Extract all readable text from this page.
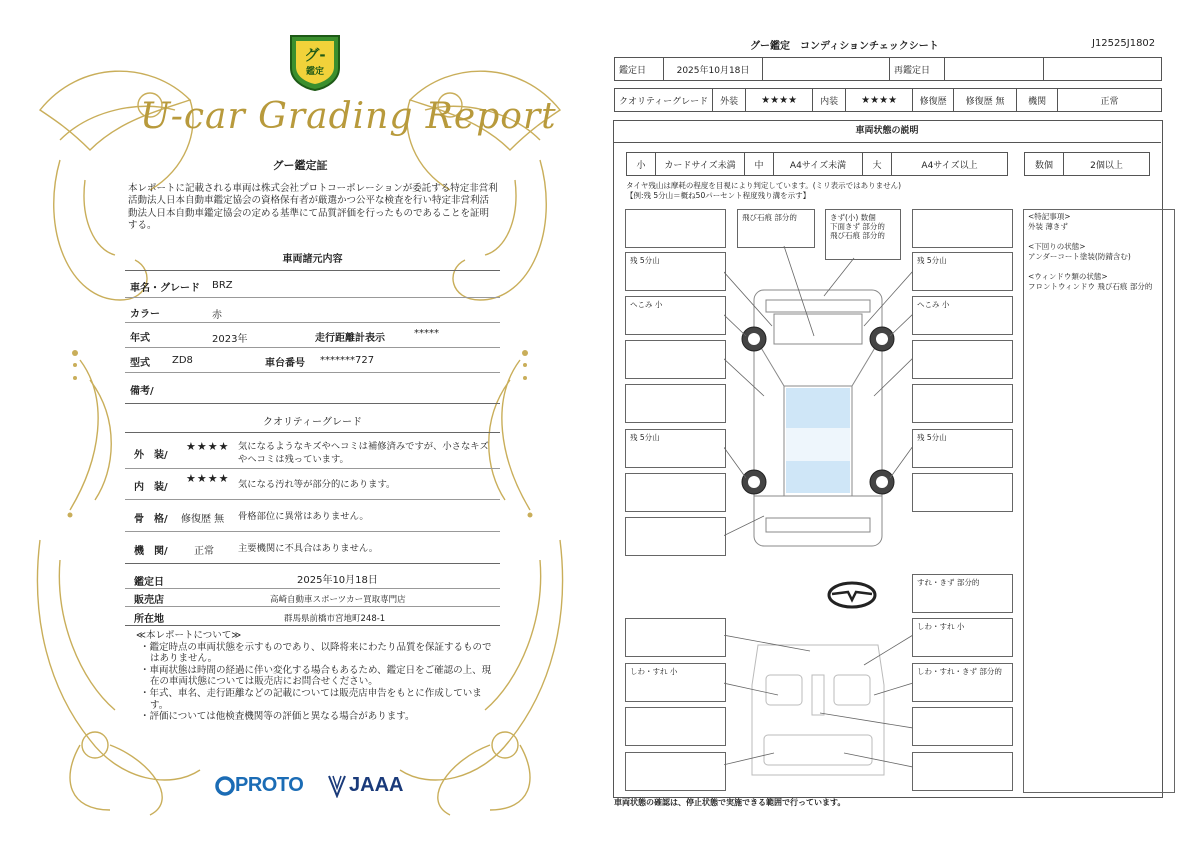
グ-
鑑定
U-car Grading Report
グー鑑定証
本レポートに記載される車両は株式会社プロトコーポレーションが委託する特定非営利活動法人日本自動車鑑定協会の資格保有者が厳選かつ公平な検査を行い特定非営利活動法人日本自動車鑑定協会の定める基準にて品質評価を行ったものであることを証明する。
車両諸元内容
車名・グレード BRZ
カラー	赤
年式	2023年	走行距離計表示	*****
型式 ZD8	車台番号 *******727
備考/
クオリティーグレード
外　装/
★★★★ 気になるようなキズやヘコミは補修済みですが、小さなキズやヘコミは残っています。
内　装/
★★★★ 気になる汚れ等が部分的にあります。
骨　格/ 修復歴 無 骨格部位に異常はありません。
機　関/	正常	主要機関に不具合はありません。
鑑定日	2025年10月18日
販売店	高崎自動車スポーツカー買取専門店
所在地	群馬県前橋市宮地町248-1
≪本レポートについて≫
・鑑定時点の車両状態を示すものであり、以降将来にわたり品質を保証するものではありません。
・車両状態は時間の経過に伴い変化する場合もあるため、鑑定日をご確認の上、現在の車両状態については販売店にお問合せください。
・年式、車名、走行距離などの記載については販売店申告をもとに作成しています。
・評価については他検査機関等の評価と異なる場合があります。
PROTO JAAA
グー鑑定　コンディションチェックシート	J12525J1802
鑑定日	2025年10月18日		再鑑定日		
クオリティーグレード	外装	★★★★	内装	★★★★	修復歴	修復歴 無	機関	正常
車両状態の説明
小	カードサイズ未満	中	A4サイズ未満	大	A4サイズ以上	数個	2個以上
タイヤ残山は摩耗の程度を目視により判定しています。(ミリ表示ではありません)
【例:残 5分山＝概ね50パーセント程度残り溝を示す】
残 5分山
へこみ 小
残 5分山
しわ・すれ 小
飛び石痕 部分的	きず(小) 数個
下面きず 部分的
飛び石痕 部分的
残 5分山
へこみ 小
残 5分山
すれ・きず 部分的
しわ・すれ 小
しわ・すれ・きず 部分的
<特記事項>
外装 薄きず

<下回りの状態>
アンダーコート塗装(防錆含む)

<ウィンドウ類の状態>
フロントウィンドウ 飛び石痕 部分的
車両状態の確認は、停止状態で実施できる範囲で行っています。
